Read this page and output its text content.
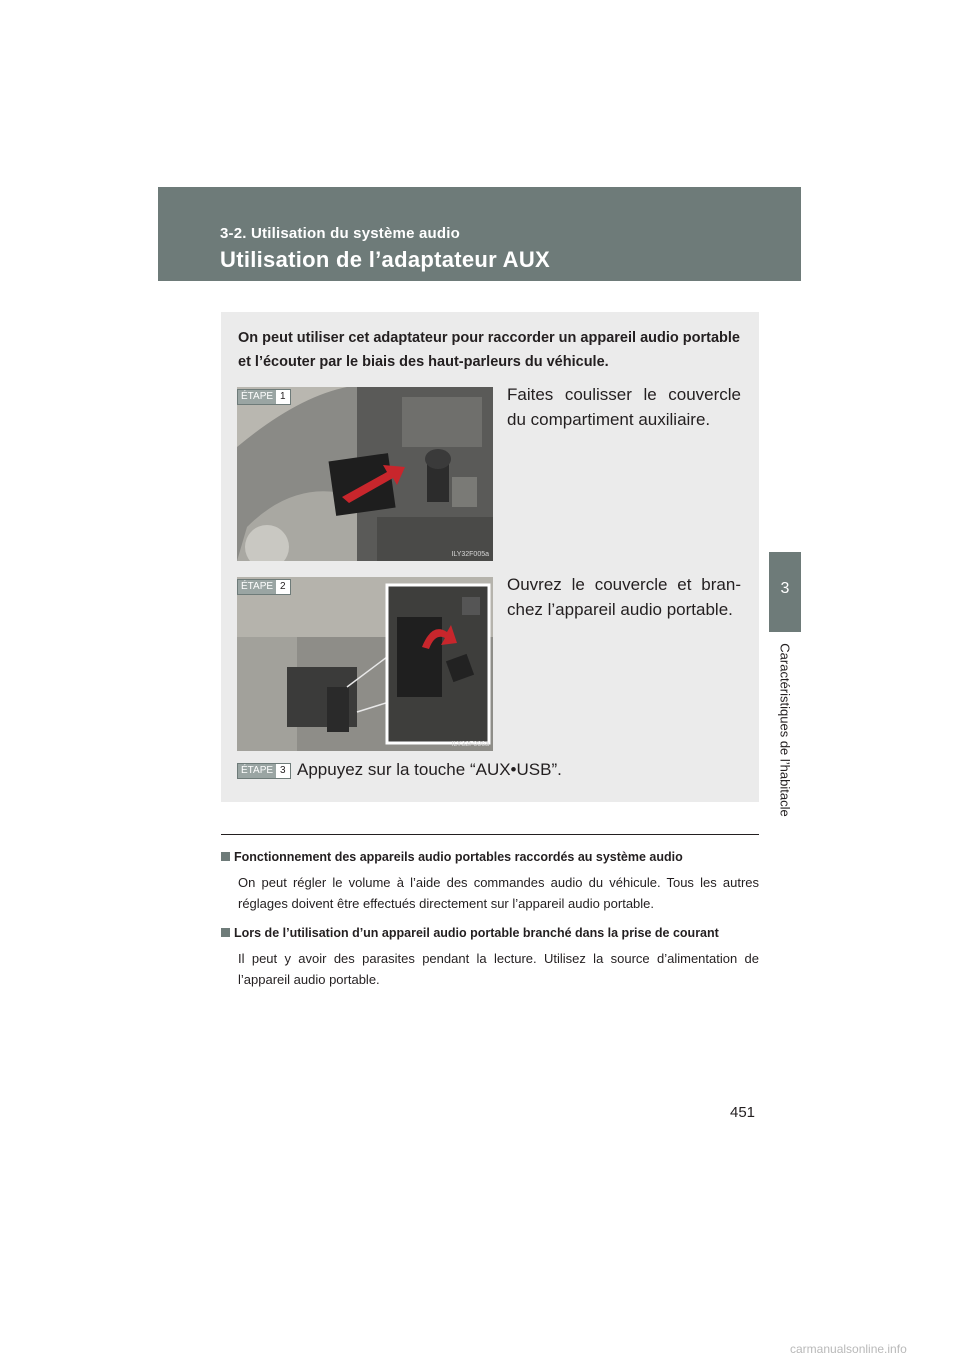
3-2. Utilisation du système audio
Utilisation de l’adaptateur AUX
3
Caractéristiques de l’habitacle
On peut utiliser cet adaptateur pour raccorder un appareil audio portable et l’écouter par le biais des haut-parleurs du véhicule.
ILY32F005a
ÉTAPE 1	Faites coulisser le couvercle du compartiment auxiliaire.
ILY32F006a
ÉTAPE 2	Ouvrez le couvercle et bran-chez l’appareil audio portable.
ÉTAPE 3 Appuyez sur la touche “AUX•USB”.
Fonctionnement des appareils audio portables raccordés au système audio
On peut régler le volume à l’aide des commandes audio du véhicule. Tous les autres réglages doivent être effectués directement sur l’appareil audio portable.
Lors de l’utilisation d’un appareil audio portable branché dans la prise de courant
Il peut y avoir des parasites pendant la lecture. Utilisez la source d’alimentation de l’appareil audio portable.
451
carmanualsonline.info
